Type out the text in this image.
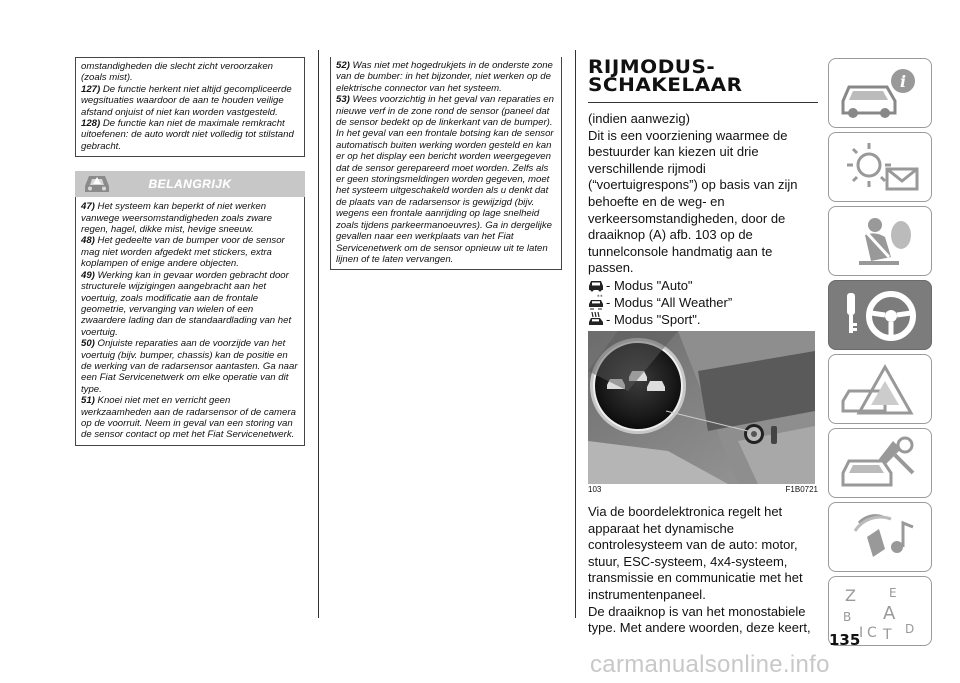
omstandigheden die slecht zicht veroorzaken (zoals mist).

127) De functie herkent niet altijd gecompliceerde wegsituaties waardoor de aan te houden veilige afstand onjuist of niet kan worden vastgesteld.

128) De functie kan niet de maximale remkracht uitoefenen: de auto wordt niet volledig tot stilstand gebracht.

BELANGRIJK

47) Het systeem kan beperkt of niet werken vanwege weersomstandigheden zoals zware regen, hagel, dikke mist, hevige sneeuw.

48) Het gedeelte van de bumper voor de sensor mag niet worden afgedekt met stickers, extra koplampen of enige andere objecten.

49) Werking kan in gevaar worden gebracht door structurele wijzigingen aangebracht aan het voertuig, zoals modificatie aan de frontale geometrie, vervanging van wielen of een zwaardere lading dan de standaardlading van het voertuig.

50) Onjuiste reparaties aan de voorzijde van het voertuig (bijv. bumper, chassis) kan de positie en de werking van de radarsensor aantasten. Ga naar een Fiat Servicenetwerk om elke operatie van dit type.

51) Knoei niet met en verricht geen werkzaamheden aan de radarsensor of de camera op de voorruit. Neem in geval van een storing van de sensor contact op met het Fiat Servicenetwerk.

52) Was niet met hogedrukjets in de onderste zone van de bumber: in het bijzonder, niet werken op de elektrische connector van het systeem.

53) Wees voorzichtig in het geval van reparaties en nieuwe verf in de zone rond de sensor (paneel dat de sensor bedekt op de linkerkant van de bumper). In het geval van een frontale botsing kan de sensor automatisch buiten werking worden gesteld en kan er op het display een bericht worden weergegeven dat de sensor gerepareerd moet worden. Zelfs als er geen storingsmeldingen worden gegeven, moet het systeem uitgeschakeld worden als u denkt dat de plaats van de radarsensor is gewijzigd (bijv. wegens een frontale aanrijding op lage snelheid zoals tijdens parkeermanoeuvres). Ga in dergelijke gevallen naar een werkplaats van het Fiat Servicenetwerk om de sensor opnieuw uit te laten lijnen of te laten vervangen.

RIJMODUS-
SCHAKELAAR

(indien aanwezig)
Dit is een voorziening waarmee de bestuurder kan kiezen uit drie verschillende rijmodi (“voertuigrespons”) op basis van zijn behoefte en de weg- en verkeersomstandigheden, door de draaiknop (A) afb. 103 op de tunnelconsole handmatig aan te passen.

- Modus "Auto"
* * - Modus “All Weather”
- Modus "Sport".
103	F1B0721

Via de boordelektronica regelt het apparaat het dynamische controlesysteem van de auto: motor, stuur, ESC-systeem, 4x4-systeem, transmissie en communicatie met het instrumentenpaneel.
De draaiknop is van het monostabiele type. Met andere woorden, deze keert,

i
Z	E
B A
C D
I T
135
carmanualsonline.info
